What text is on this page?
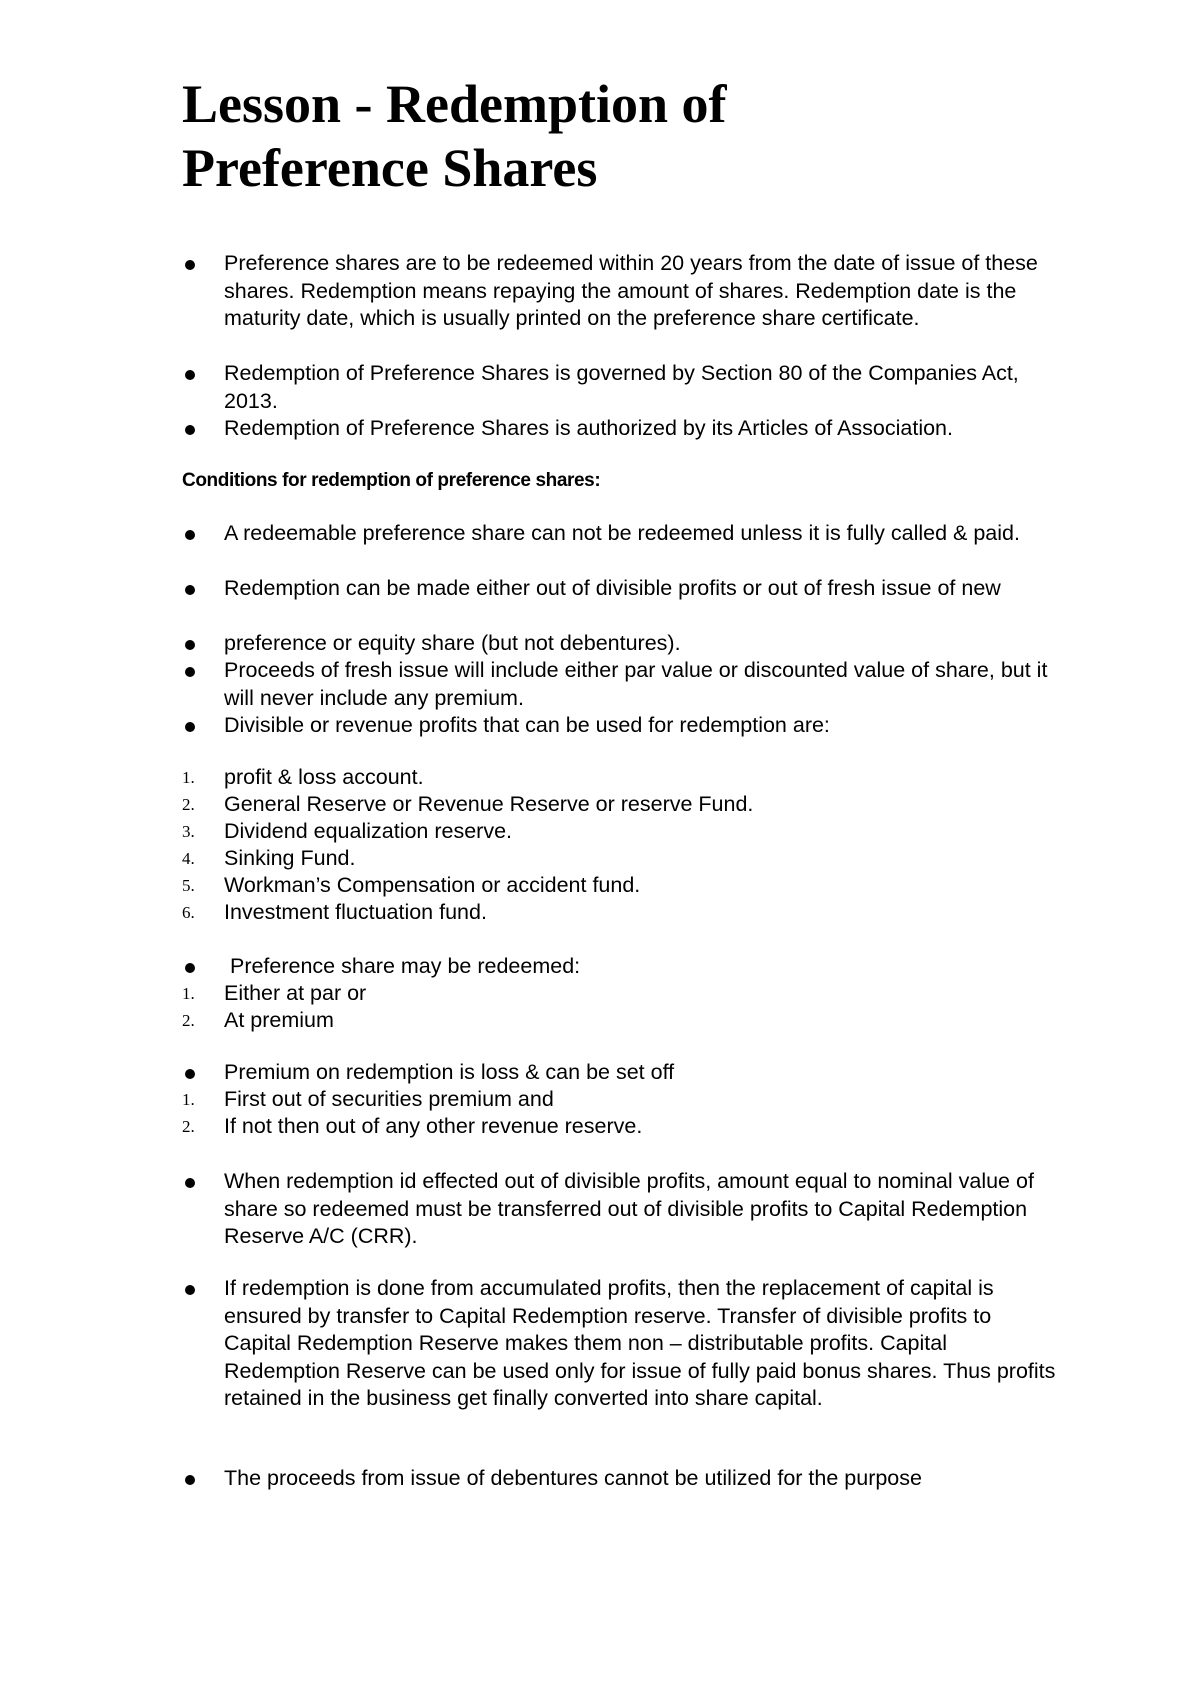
Lesson - Redemption of
Preference Shares
Preference shares are to be redeemed within 20 years from the date of issue of these shares. Redemption means repaying the amount of shares. Redemption date is the maturity date, which is usually printed on the preference share certificate.
Redemption of Preference Shares is governed by Section 80 of the Companies Act, 2013.
Redemption of Preference Shares is authorized by its Articles of Association.
Conditions for redemption of preference shares:
A redeemable preference share can not be redeemed unless it is fully called & paid.
Redemption can be made either out of divisible profits or out of fresh issue of new
preference or equity share (but not debentures).
Proceeds of fresh issue will include either par value or discounted value of share, but it will never include any premium.
Divisible or revenue profits that can be used for redemption are:
1.	profit & loss account.
2.	General Reserve or Revenue Reserve or reserve Fund.
3.	Dividend equalization reserve.
4.	Sinking Fund.
5.	Workman’s Compensation or accident fund.
6.	Investment fluctuation fund.
Preference share may be redeemed:
1.	Either at par or
2.	At premium
Premium on redemption is loss & can be set off
1.	First out of securities premium and
2.	If not then out of any other revenue reserve.
When redemption id effected out of divisible profits, amount equal to nominal value of share so redeemed must be transferred out of divisible profits to Capital Redemption Reserve A/C (CRR).
If redemption is done from accumulated profits, then the replacement of capital is ensured by transfer to Capital Redemption reserve. Transfer of divisible profits to Capital Redemption Reserve makes them non – distributable profits. Capital Redemption Reserve can be used only for issue of fully paid bonus shares. Thus profits retained in the business get finally converted into share capital.
The proceeds from issue of debentures cannot be utilized for the purpose
